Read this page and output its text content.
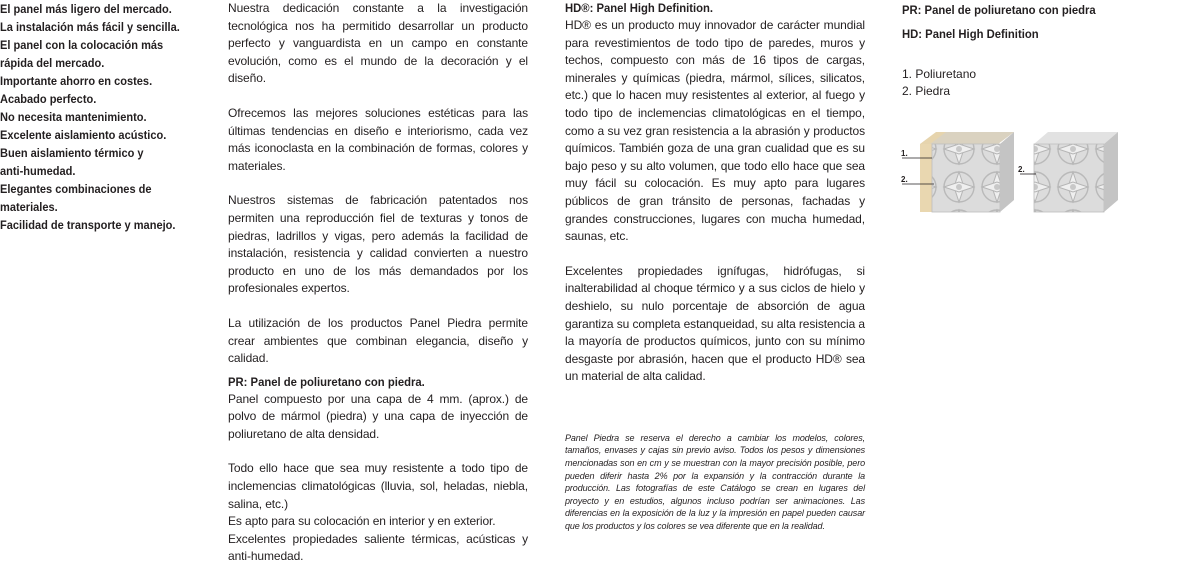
El panel más ligero del mercado.
La instalación más fácil y sencilla.
El panel con la colocación más
rápida del mercado.
Importante ahorro en costes.
Acabado perfecto.
No necesita mantenimiento.
Excelente aislamiento acústico.
Buen aislamiento térmico y
anti-humedad.
Elegantes combinaciones de
materiales.
Facilidad de transporte y manejo.

Nuestra dedicación constante a la investigación tecnológica nos ha permitido desarrollar un producto perfecto y vanguardista en un campo en constante evolución, como es el mundo de la decoración y el diseño.

Ofrecemos las mejores soluciones estéticas para las últimas tendencias en diseño e interiorismo, cada vez más iconoclasta en la combinación de formas, colores y materiales.

Nuestros sistemas de fabricación patentados nos permiten una reproducción fiel de texturas y tonos de piedras, ladrillos y vigas, pero además la facilidad de instalación, resistencia y calidad convierten a nuestro producto en uno de los más demandados por los profesionales expertos.

La utilización de los productos Panel Piedra permite crear ambientes que combinan elegancia, diseño y calidad.

PR: Panel de poliuretano con piedra.

Panel compuesto por una capa de 4 mm. (aprox.) de polvo de mármol (piedra) y una capa de inyección de poliuretano de alta densidad.

Todo ello hace que sea muy resistente a todo tipo de inclemencias climatológicas (lluvia, sol, heladas, niebla, salina, etc.)

Es apto para su colocación en interior y en exterior.

Excelentes propiedades saliente térmicas, acústicas y anti-humedad.

HD®: Panel High Definition.

HD® es un producto muy innovador de carácter mundial para revestimientos de todo tipo de paredes, muros y techos, compuesto con más de 16 tipos de cargas, minerales y químicas (piedra, mármol, sílices, silicatos, etc.) que lo hacen muy resistentes al exterior, al fuego y todo tipo de inclemencias climatológicas en el tiempo, como a su vez gran resistencia a la abrasión y productos químicos. También goza de una gran cualidad que es su bajo peso y su alto volumen, que todo ello hace que sea muy fácil su colocación. Es muy apto para lugares públicos de gran tránsito de personas, fachadas y grandes construcciones, lugares con mucha humedad, saunas, etc.

Excelentes propiedades ignífugas, hidrófugas, si inalterabilidad al choque térmico y a sus ciclos de hielo y deshielo, su nulo porcentaje de absorción de agua garantiza su completa estanqueidad, su alta resistencia a la mayoría de productos químicos, junto con su mínimo desgaste por abrasión, hacen que el producto HD® sea un material de alta calidad.

Panel Piedra se reserva el derecho a cambiar los modelos, colores, tamaños, envases y cajas sin previo aviso. Todos los pesos y dimensiones mencionadas son en cm y se muestran con la mayor precisión posible, pero pueden diferir hasta 2% por la expansión y la contracción durante la producción. Las fotografías de este Catálogo se crean en lugares del proyecto y en estudios, algunos incluso podrían ser animaciones. Las diferencias en la exposición de la luz y la impresión en papel pueden causar que los productos y los colores se vea diferente que en la realidad.

PR: Panel de poliuretano con piedra

HD: Panel High Definition

1. Poliuretano
2. Piedra
1.
2.
2.
